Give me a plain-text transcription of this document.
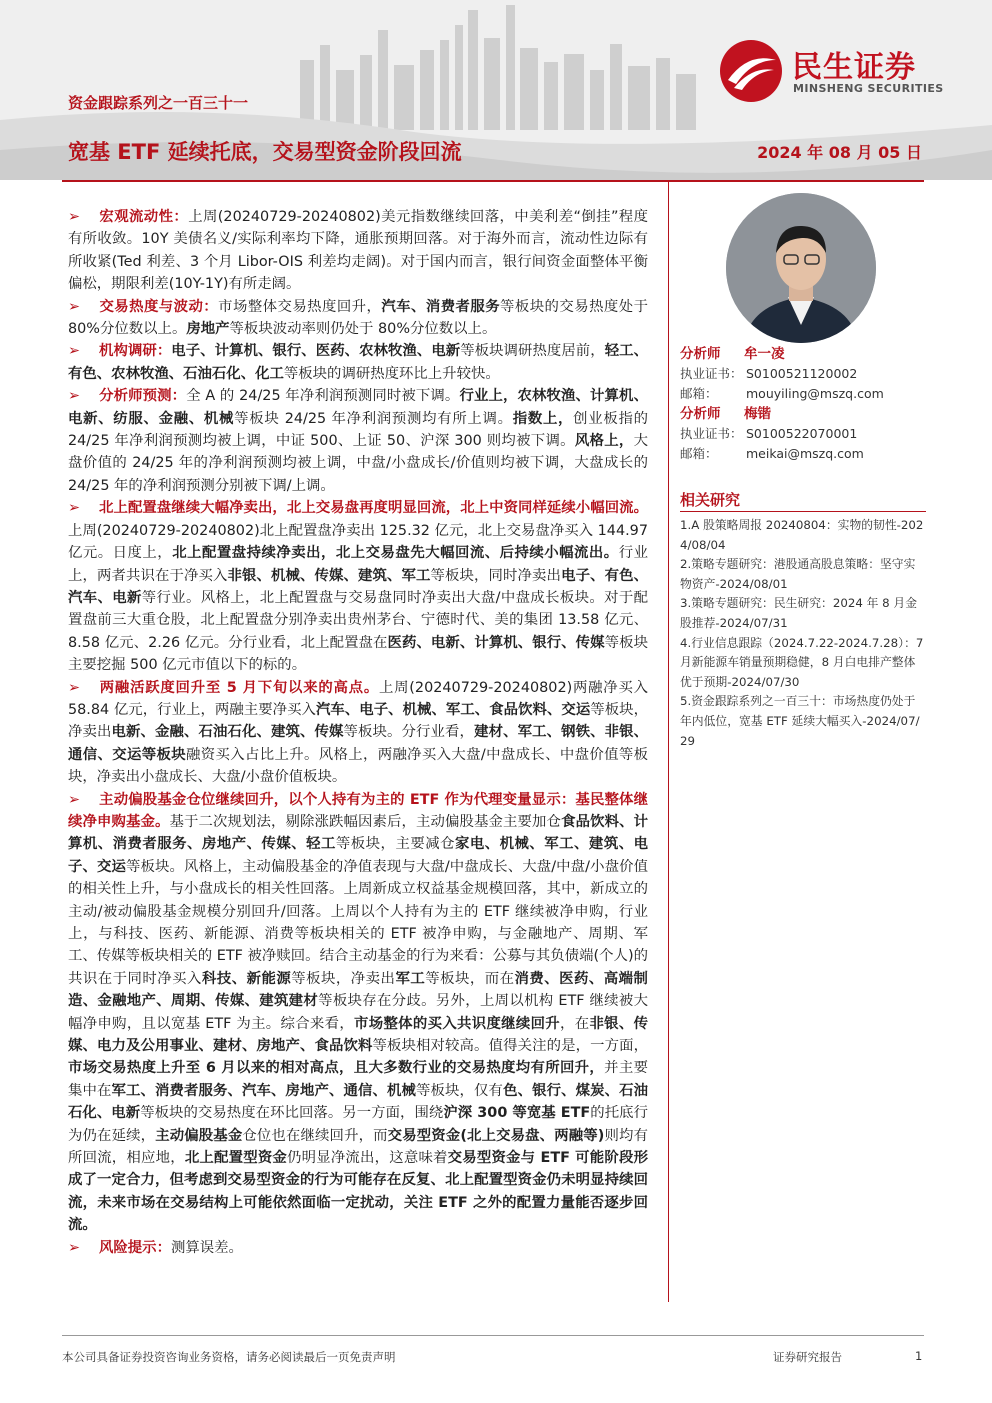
资金跟踪系列之一百三十一
宽基 ETF 延续托底，交易型资金阶段回流	2024 年 08 月 05 日
民生证券
MINSHENG SECURITIES
➢ 宏观流动性：上周(20240729-20240802)美元指数继续回落，中美利差“倒挂”程度有所收敛。10Y 美债名义/实际利率均下降，通胀预期回落。对于海外而言，流动性边际有所收紧(Ted 利差、3 个月 Libor-OIS 利差均走阔)。对于国内而言，银行间资金面整体平衡偏松，期限利差(10Y-1Y)有所走阔。
➢ 交易热度与波动：市场整体交易热度回升，汽车、消费者服务等板块的交易热度处于 80%分位数以上。房地产等板块波动率则仍处于 80%分位数以上。
➢ 机构调研：电子、计算机、银行、医药、农林牧渔、电新等板块调研热度居前，轻工、有色、农林牧渔、石油石化、化工等板块的调研热度环比上升较快。
➢ 分析师预测：全 A 的 24/25 年净利润预测同时被下调。行业上，农林牧渔、计算机、电新、纺服、金融、机械等板块 24/25 年净利润预测均有所上调。指数上，创业板指的 24/25 年净利润预测均被上调，中证 500、上证 50、沪深 300 则均被下调。风格上，大盘价值的 24/25 年的净利润预测均被上调，中盘/小盘成长/价值则均被下调，大盘成长的 24/25 年的净利润预测分别被下调/上调。
➢ 北上配置盘继续大幅净卖出，北上交易盘再度明显回流，北上中资同样延续小幅回流。上周(20240729-20240802)北上配置盘净卖出 125.32 亿元，北上交易盘净买入 144.97 亿元。日度上，北上配置盘持续净卖出，北上交易盘先大幅回流、后持续小幅流出。行业上，两者共识在于净买入非银、机械、传媒、建筑、军工等板块，同时净卖出电子、有色、汽车、电新等行业。风格上，北上配置盘与交易盘同时净卖出大盘/中盘成长板块。对于配置盘前三大重仓股，北上配置盘分别净卖出贵州茅台、宁德时代、美的集团 13.58 亿元、8.58 亿元、2.26 亿元。分行业看，北上配置盘在医药、电新、计算机、银行、传媒等板块主要挖掘 500 亿元市值以下的标的。
➢ 两融活跃度回升至 5 月下旬以来的高点。上周(20240729-20240802)两融净买入 58.84 亿元，行业上，两融主要净买入汽车、电子、机械、军工、食品饮料、交运等板块，净卖出电新、金融、石油石化、建筑、传媒等板块。分行业看，建材、军工、钢铁、非银、通信、交运等板块融资买入占比上升。风格上，两融净买入大盘/中盘成长、中盘价值等板块，净卖出小盘成长、大盘/小盘价值板块。
➢ 主动偏股基金仓位继续回升，以个人持有为主的 ETF 作为代理变量显示：基民整体继续净申购基金。基于二次规划法，剔除涨跌幅因素后，主动偏股基金主要加仓食品饮料、计算机、消费者服务、房地产、传媒、轻工等板块，主要减仓家电、机械、军工、建筑、电子、交运等板块。风格上，主动偏股基金的净值表现与大盘/中盘成长、大盘/中盘/小盘价值的相关性上升，与小盘成长的相关性回落。上周新成立权益基金规模回落，其中，新成立的主动/被动偏股基金规模分别回升/回落。上周以个人持有为主的 ETF 继续被净申购，行业上，与科技、医药、新能源、消费等板块相关的 ETF 被净申购，与金融地产、周期、军工、传媒等板块相关的 ETF 被净赎回。结合主动基金的行为来看：公募与其负债端(个人)的共识在于同时净买入科技、新能源等板块，净卖出军工等板块，而在消费、医药、高端制造、金融地产、周期、传媒、建筑建材等板块存在分歧。另外，上周以机构 ETF 继续被大幅净申购，且以宽基 ETF 为主。综合来看，市场整体的买入共识度继续回升，在非银、传媒、电力及公用事业、建材、房地产、食品饮料等板块相对较高。值得关注的是，一方面，市场交易热度上升至 6 月以来的相对高点，且大多数行业的交易热度均有所回升，并主要集中在军工、消费者服务、汽车、房地产、通信、机械等板块，仅有色、银行、煤炭、石油石化、电新等板块的交易热度在环比回落。另一方面，围绕沪深 300 等宽基 ETF的托底行为仍在延续，主动偏股基金仓位也在继续回升，而交易型资金(北上交易盘、两融等)则均有所回流，相应地，北上配置型资金仍明显净流出，这意味着交易型资金与 ETF 可能阶段形成了一定合力，但考虑到交易型资金的行为可能存在反复、北上配置型资金仍未明显持续回流，未来市场在交易结构上可能依然面临一定扰动，关注 ETF 之外的配置力量能否逐步回流。
➢ 风险提示：测算误差。
分析师 牟一凌
执业证书： S0100521120002
邮箱： mouyiling@mszq.com
分析师 梅锴
执业证书： S0100522070001
邮箱： meikai@mszq.com
相关研究
1.A 股策略周报 20240804：实物的韧性-2024/08/04
2.策略专题研究：港股通高股息策略：坚守实物资产-2024/08/01
3.策略专题研究：民生研究：2024 年 8 月金股推荐-2024/07/31
4.行业信息跟踪（2024.7.22-2024.7.28）：7月新能源车销量预期稳健，8 月白电排产整体优于预期-2024/07/30
5.资金跟踪系列之一百三十：市场热度仍处于年内低位，宽基 ETF 延续大幅买入-2024/07/29
本公司具备证券投资咨询业务资格，请务必阅读最后一页免责声明	证券研究报告	1
